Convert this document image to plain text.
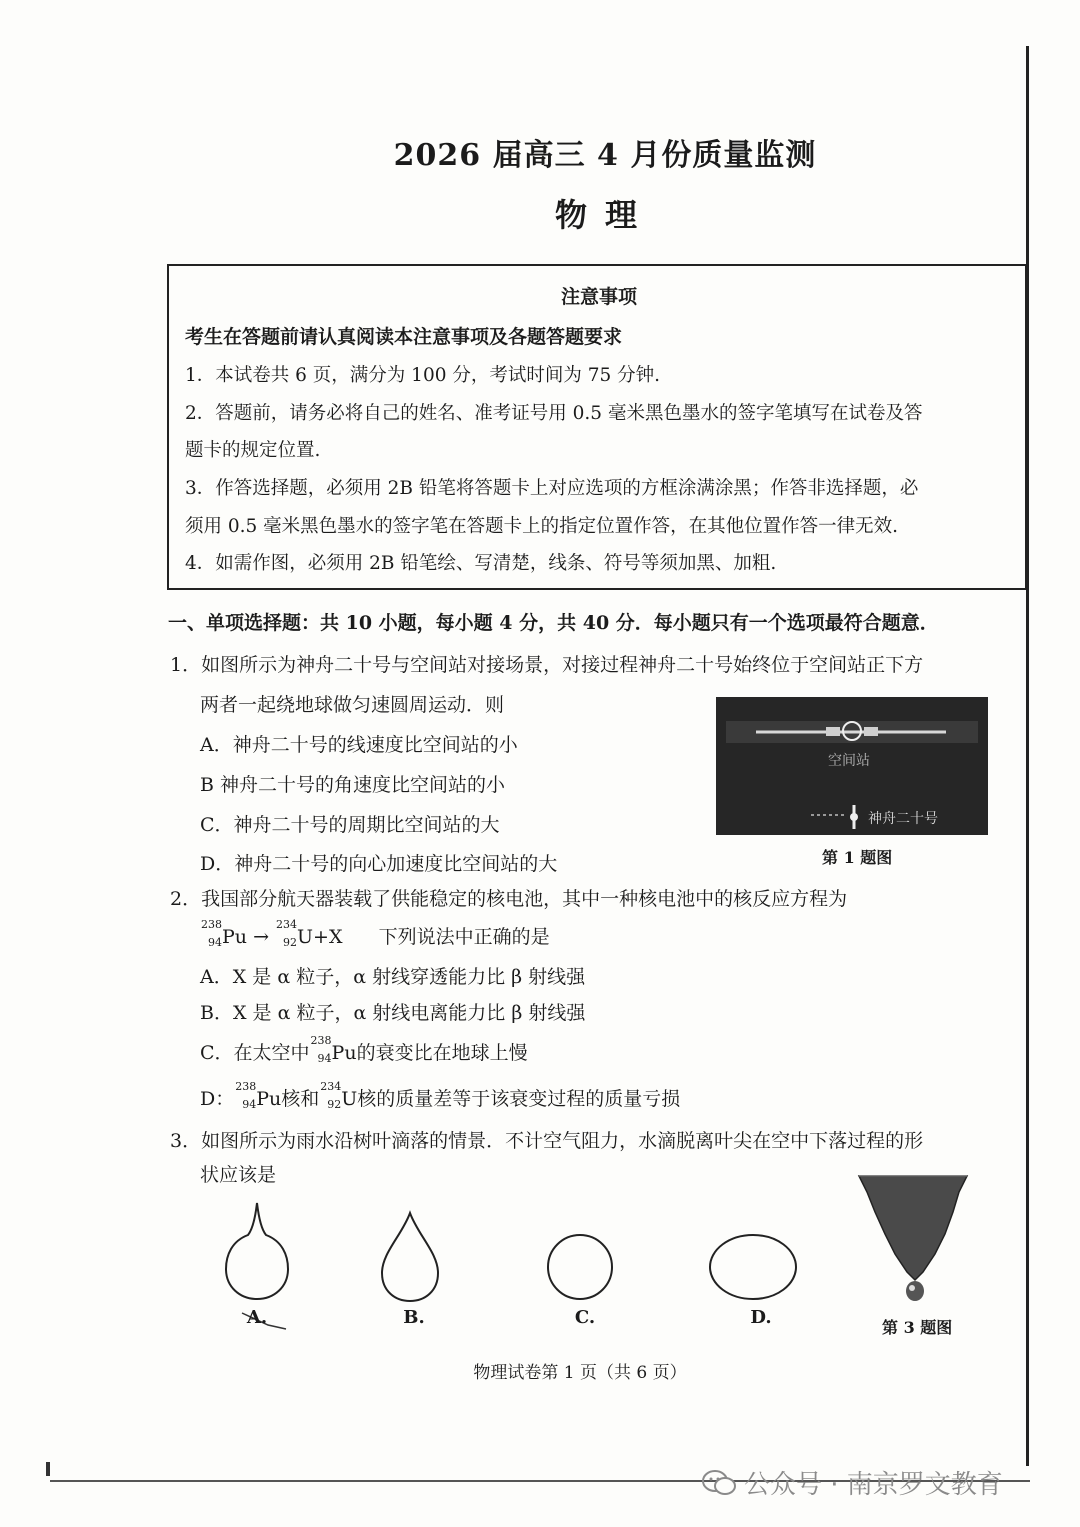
2026 届高三 4 月份质量监测
物理
注意事项
考生在答题前请认真阅读本注意事项及各题答题要求
1．本试卷共 6 页，满分为 100 分，考试时间为 75 分钟.
2．答题前，请务必将自己的姓名、准考证号用 0.5 毫米黑色墨水的签字笔填写在试卷及答
题卡的规定位置.
3．作答选择题，必须用 2B 铅笔将答题卡上对应选项的方框涂满涂黑；作答非选择题，必
须用 0.5 毫米黑色墨水的签字笔在答题卡上的指定位置作答，在其他位置作答一律无效.
4．如需作图，必须用 2B 铅笔绘、写清楚，线条、符号等须加黑、加粗.
一、单项选择题：共 10 小题，每小题 4 分，共 40 分．每小题只有一个选项最符合题意．
1．如图所示为神舟二十号与空间站对接场景，对接过程神舟二十号始终位于空间站正下方
两者一起绕地球做匀速圆周运动．则
A．神舟二十号的线速度比空间站的小
B 神舟二十号的角速度比空间站的小
C．神舟二十号的周期比空间站的大
D．神舟二十号的向心加速度比空间站的大
空间站
神舟二十号
第 1 题图
2．我国部分航天器装载了供能稳定的核电池，其中一种核电池中的核反应方程为
238
94 Pu →
234
92 U+X 下列说法中正确的是
A．X 是 α 粒子，α 射线穿透能力比 β 射线强
B．X 是 α 粒子，α 射线电离能力比 β 射线强
C．在太空中
238
94 Pu的衰变比在地球上慢
D：
238
94 Pu核和
234
92 U核的质量差等于该衰变过程的质量亏损
3．如图所示为雨水沿树叶滴落的情景．不计空气阻力，水滴脱离叶尖在空中下落过程的形
状应该是
A.	B.	C.	D.	第 3 题图
物理试卷第 1 页（共 6 页）
公众号 · 南京罗文教育
